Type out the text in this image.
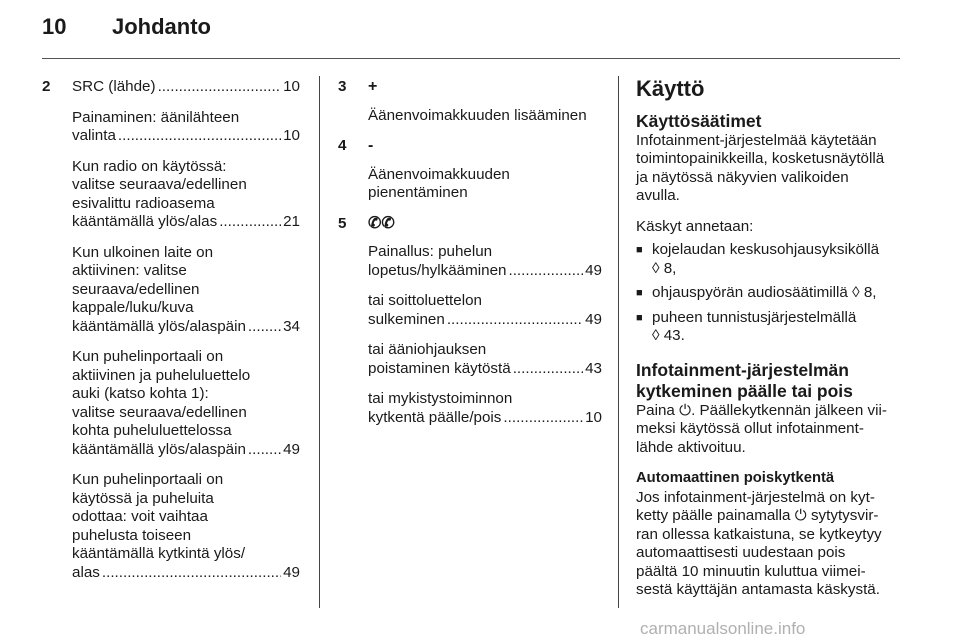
10 Johdanto
2	SRC (lähde) .....	10
Painaminen: äänilähteen
valinta .....	10
Kun radio on käytössä:
valitse seuraava/edellinen
esivalittu radioasema
kääntämällä ylös/alas .....	21
Kun ulkoinen laite on
aktiivinen: valitse
seuraava/edellinen
kappale/luku/kuva
kääntämällä ylös/alaspäin ..... 34
Kun puhelinportaali on
aktiivinen ja puheluluettelo
auki (katso kohta 1):
valitse seuraava/edellinen
kohta puheluluettelossa
kääntämällä ylös/alaspäin ..... 49
Kun puhelinportaali on
käytössä ja puheluita
odottaa: voit vaihtaa
puhelusta toiseen
kääntämällä kytkintä ylös/
alas .....	49
3	+
Äänenvoimakkuuden lisääminen
4	-
Äänenvoimakkuuden
pienentäminen
5	✆✆
Painallus: puhelun
lopetus/hylkääminen .....	49
tai soittoluettelon
sulkeminen .....	49
tai ääniohjauksen
poistaminen käytöstä .....	43
tai mykistystoiminnon
kytkentä päälle/pois .....	10
Käyttö
Käyttösäätimet
Infotainment-järjestelmää käytetään
toimintopainikkeilla, kosketusnäytöllä
ja näytössä näkyvien valikoiden
avulla.
Käskyt annetaan:
■ kojelaudan keskusohjausyksiköllä
◊ 8,
■ ohjauspyörän audiosäätimillä ◊ 8,
■ puheen tunnistusjärjestelmällä
◊ 43.
Infotainment-järjestelmän
kytkeminen päälle tai pois
Paina ⏻. Päällekytkennän jälkeen vii-
meksi käytössä ollut infotainment-
lähde aktivoituu.
Automaattinen poiskytkentä
Jos infotainment-järjestelmä on kyt-
ketty päälle painamalla ⏻ sytytysvir-
ran ollessa katkaistuna, se kytkeytyy
automaattisesti uudestaan pois
päältä 10 minuutin kuluttua viimei-
sestä käyttäjän antamasta käskystä.
carmanualsonline.info
